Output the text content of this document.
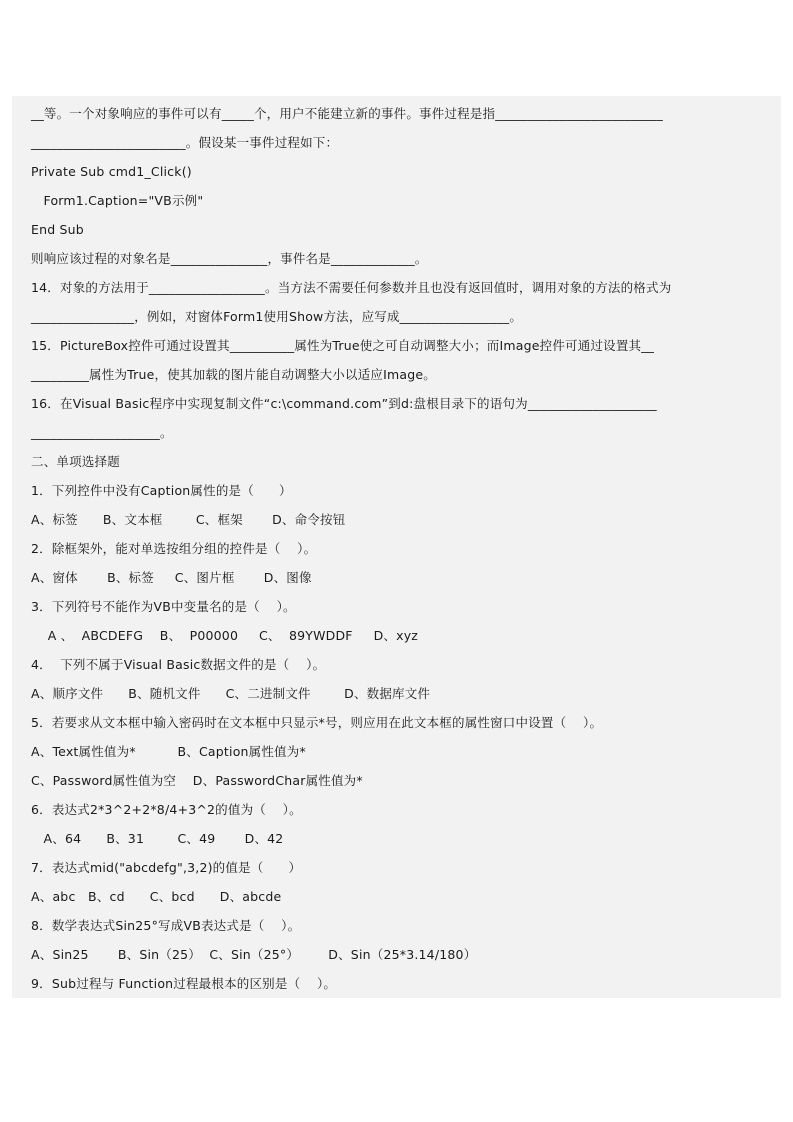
__等。一个对象响应的事件可以有_____个，用户不能建立新的事件。事件过程是指__________________________
________________________。假设某一事件过程如下：
Private Sub cmd1_Click()
Form1.Caption="VB示例"
End Sub
则响应该过程的对象名是_______________，事件名是_____________。
14．对象的方法用于__________________。当方法不需要任何参数并且也没有返回值时，调用对象的方法的格式为
________________，例如，对窗体Form1使用Show方法，应写成_________________。
15．PictureBox控件可通过设置其__________属性为True使之可自动调整大小；而Image控件可通过设置其__
_________属性为True，使其加载的图片能自动调整大小以适应Image。
16．在Visual Basic程序中实现复制文件“c:\command.com”到d:盘根目录下的语句为____________________
____________________。
二、单项选择题
1．下列控件中没有Caption属性的是（      ）
A、标签      B、文本框        C、框架       D、命令按钮
2．除框架外，能对单选按组分组的控件是（    ）。
A、窗体       B、标签     C、图片框       D、图像
3．下列符号不能作为VB中变量名的是（    ）。
A 、  ABCDEFG    B、  P00000     C、  89YWDDF     D、xyz
4．  下列不属于Visual Basic数据文件的是（    ）。
A、顺序文件      B、随机文件      C、二进制文件        D、数据库文件
5．若要求从文本框中输入密码时在文本框中只显示*号，则应用在此文本框的属性窗口中设置（    ）。
A、Text属性值为*          B、Caption属性值为*
C、Password属性值为空    D、PasswordChar属性值为*
6．表达式2*3^2+2*8/4+3^2的值为（    ）。
A、64      B、31        C、49       D、42
7．表达式mid("abcdefg",3,2)的值是（      ）
A、abc   B、cd      C、bcd      D、abcde
8．数学表达式Sin25°写成VB表达式是（    ）。
A、Sin25       B、Sin（25）  C、Sin（25°）       D、Sin（25*3.14/180）
9．Sub过程与 Function过程最根本的区别是（    ）。
